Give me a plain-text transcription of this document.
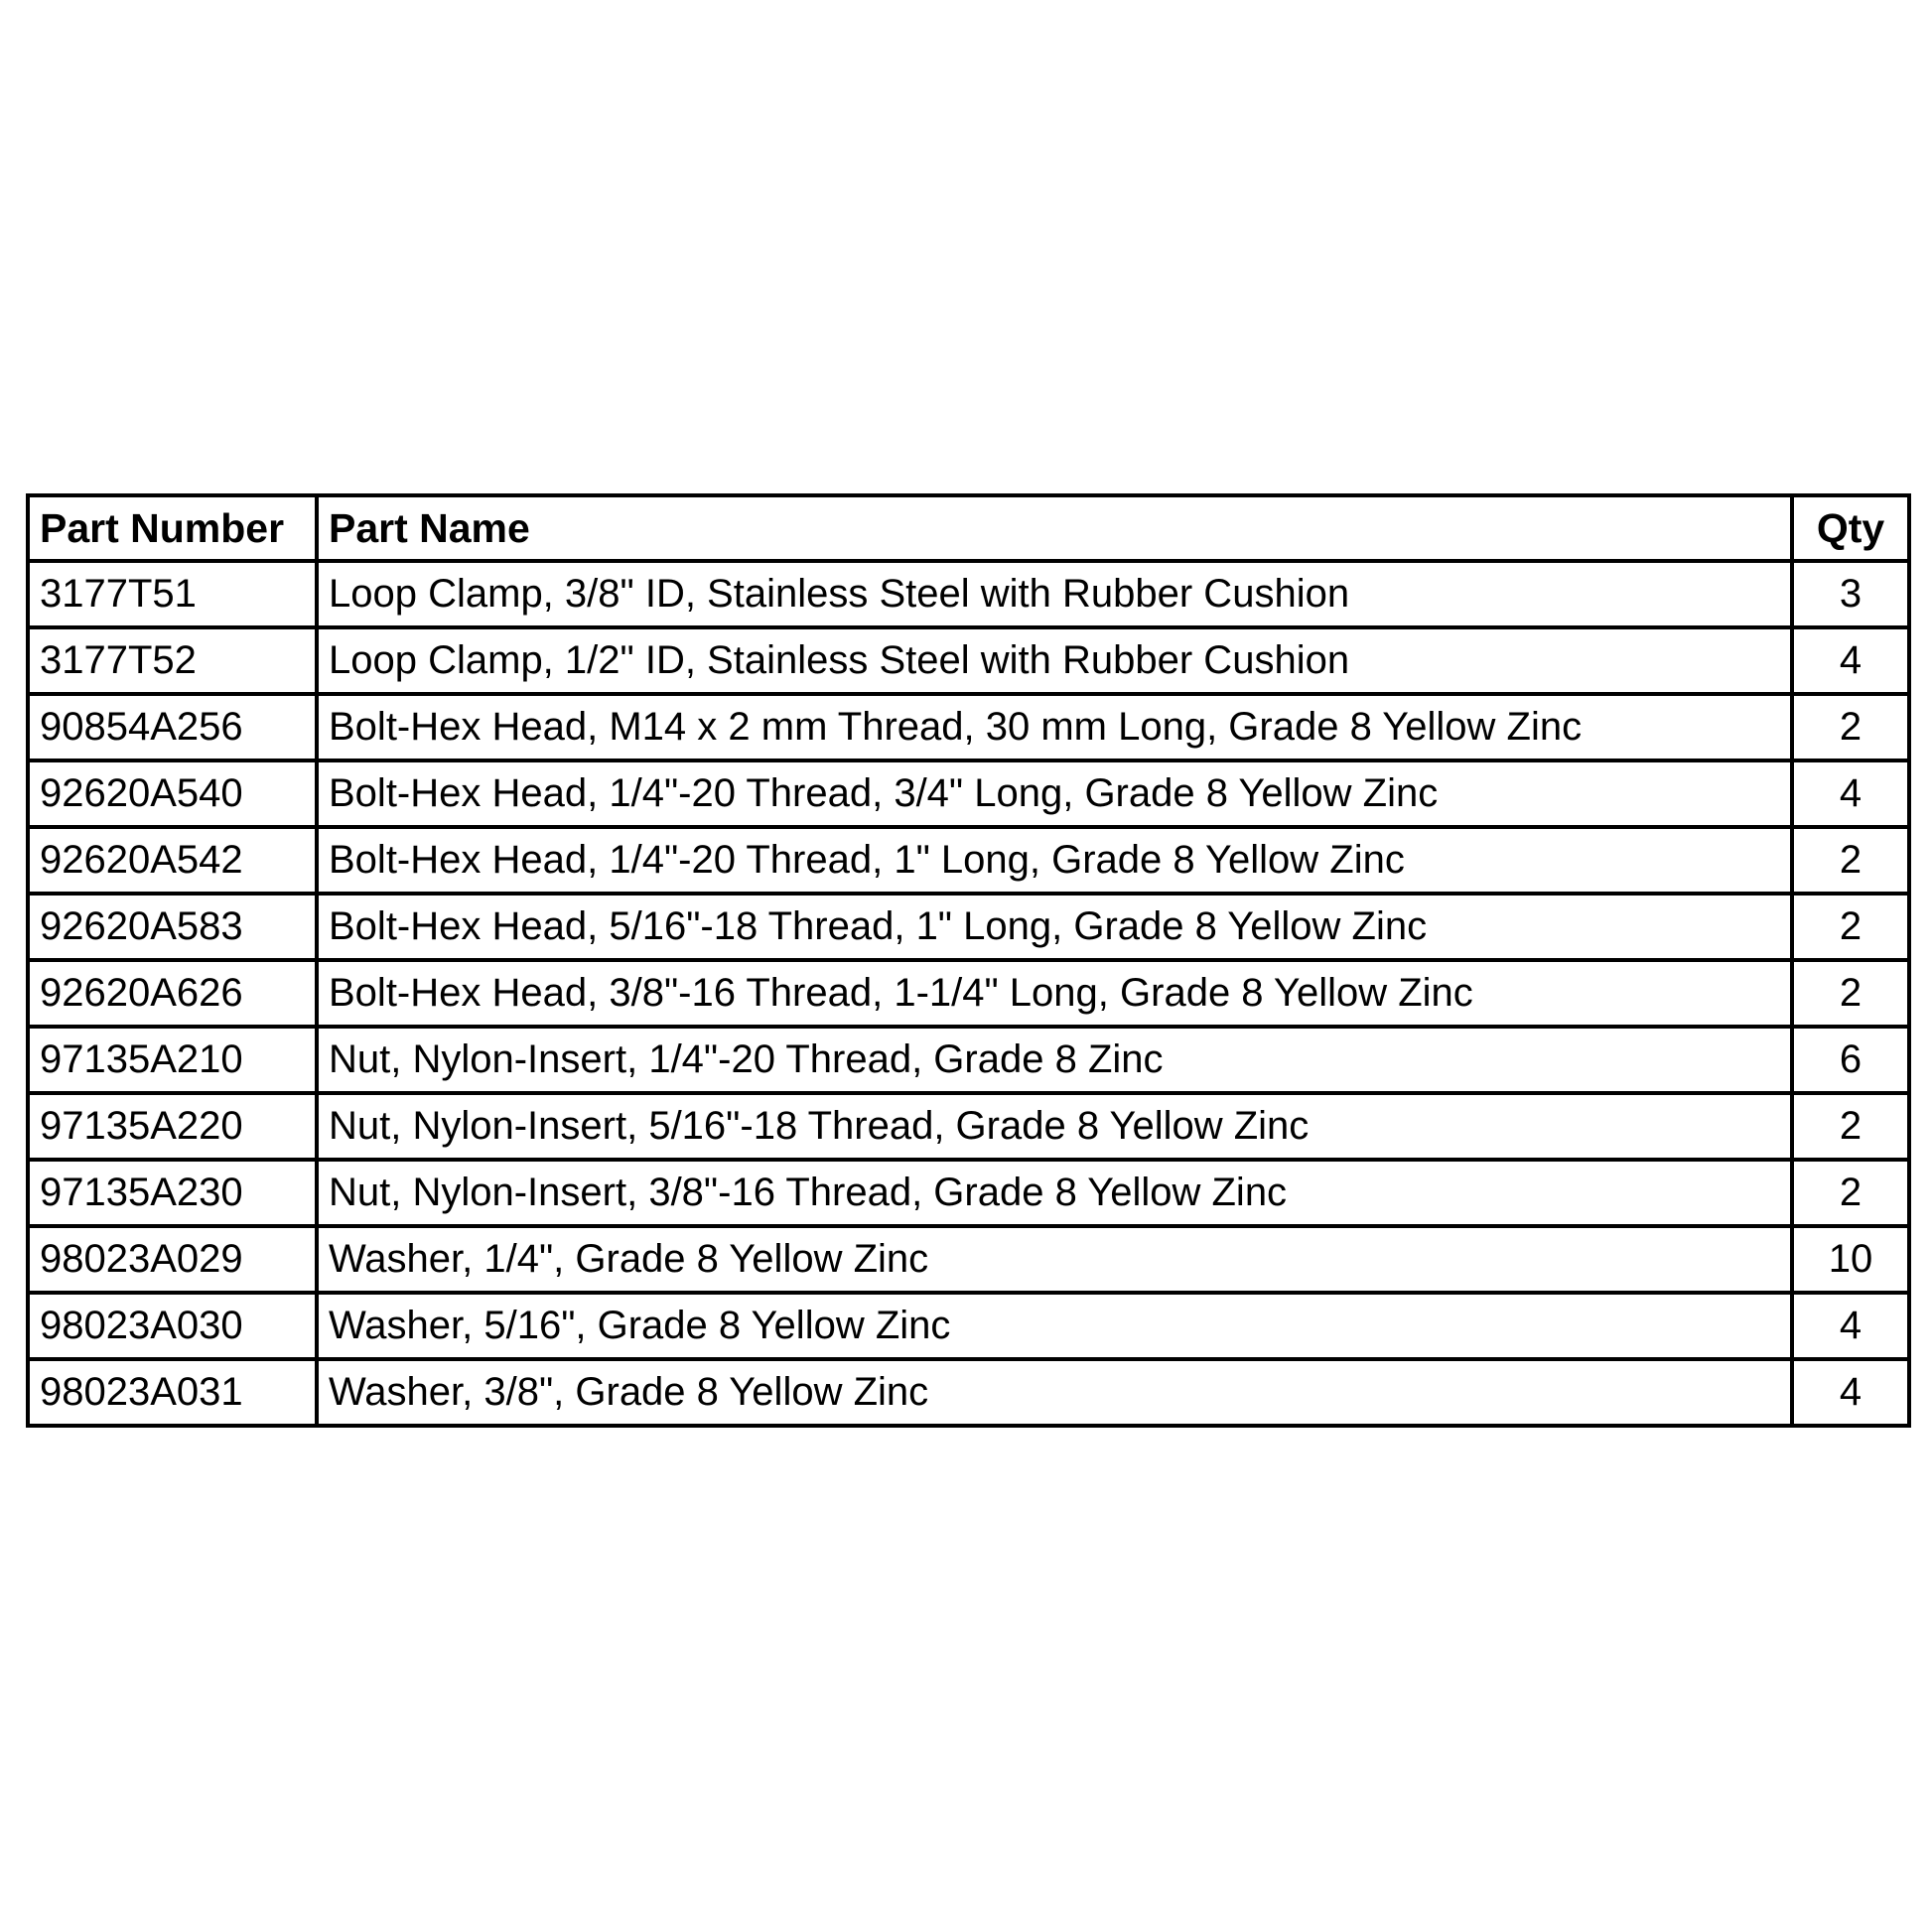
Part Number	Part Name	Qty
3177T51	Loop Clamp, 3/8" ID, Stainless Steel with Rubber Cushion	3
3177T52	Loop Clamp, 1/2" ID, Stainless Steel with Rubber Cushion	4
90854A256	Bolt-Hex Head, M14 x 2 mm Thread, 30 mm Long, Grade 8 Yellow Zinc	2
92620A540	Bolt-Hex Head, 1/4"-20 Thread, 3/4" Long, Grade 8 Yellow Zinc	4
92620A542	Bolt-Hex Head, 1/4"-20 Thread, 1" Long, Grade 8 Yellow Zinc	2
92620A583	Bolt-Hex Head, 5/16"-18 Thread, 1" Long, Grade 8 Yellow Zinc	2
92620A626	Bolt-Hex Head, 3/8"-16 Thread, 1-1/4" Long, Grade 8 Yellow Zinc	2
97135A210	Nut, Nylon-Insert, 1/4"-20 Thread, Grade 8 Zinc	6
97135A220	Nut, Nylon-Insert, 5/16"-18 Thread, Grade 8 Yellow Zinc	2
97135A230	Nut, Nylon-Insert, 3/8"-16 Thread, Grade 8 Yellow Zinc	2
98023A029	Washer, 1/4", Grade 8 Yellow Zinc	10
98023A030	Washer, 5/16", Grade 8 Yellow Zinc	4
98023A031	Washer, 3/8", Grade 8 Yellow Zinc	4
